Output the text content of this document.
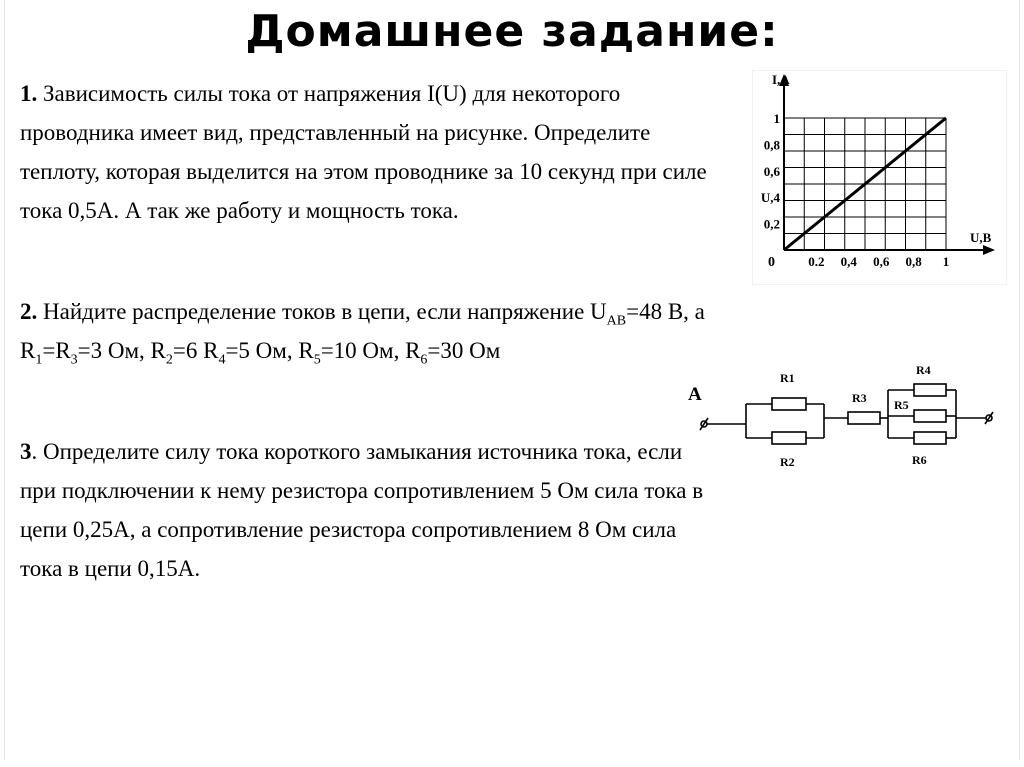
Домашнее задание:

1. Зависимость силы тока от напряжения I(U) для некоторого проводника имеет вид, представленный на рисунке. Определите теплоту, которая выделится на этом проводнике за 10 секунд при силе тока 0,5А. А так же работу и мощность тока.

2. Найдите распределение токов в цепи, если напряжение $U_{AB}=48$ В, а $R_1=R_3=3$ Ом, $R_2=6$ $R_4=5$ Ом, $R_5=10$ Ом, $R_6=30$ Ом

3. Определите силу тока короткого замыкания источника тока, если при подключении к нему резистора сопротивлением 5 Ом сила тока в цепи 0,25А, а сопротивление резистора сопротивлением 8 Ом сила тока в цепи 0,15А.

I,A
U,B
0	0.2 0,4 0,6 0,8 1
0,2
U,4
0,6
0,8
1
A
R1
R2
R3
R4
R5
R6
